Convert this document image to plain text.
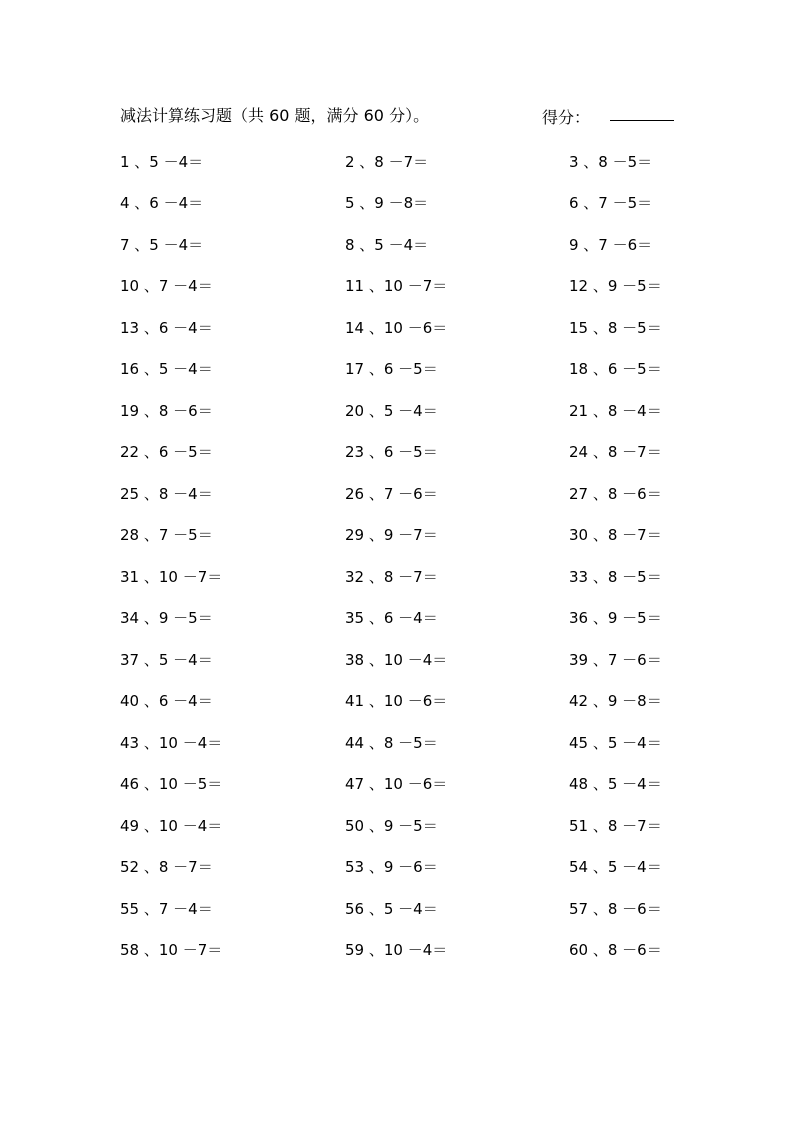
减法计算练习题（共 60 题，满分 60 分）。	得分：
1 、5 －4＝	2 、8 －7＝	3 、8 －5＝
4 、6 －4＝	5 、9 －8＝	6 、7 －5＝
7 、5 －4＝	8 、5 －4＝	9 、7 －6＝
10 、7 －4＝	11 、10 －7＝	12 、9 －5＝
13 、6 －4＝	14 、10 －6＝	15 、8 －5＝
16 、5 －4＝	17 、6 －5＝	18 、6 －5＝
19 、8 －6＝	20 、5 －4＝	21 、8 －4＝
22 、6 －5＝	23 、6 －5＝	24 、8 －7＝
25 、8 －4＝	26 、7 －6＝	27 、8 －6＝
28 、7 －5＝	29 、9 －7＝	30 、8 －7＝
31 、10 －7＝	32 、8 －7＝	33 、8 －5＝
34 、9 －5＝	35 、6 －4＝	36 、9 －5＝
37 、5 －4＝	38 、10 －4＝	39 、7 －6＝
40 、6 －4＝	41 、10 －6＝	42 、9 －8＝
43 、10 －4＝	44 、8 －5＝	45 、5 －4＝
46 、10 －5＝	47 、10 －6＝	48 、5 －4＝
49 、10 －4＝	50 、9 －5＝	51 、8 －7＝
52 、8 －7＝	53 、9 －6＝	54 、5 －4＝
55 、7 －4＝	56 、5 －4＝	57 、8 －6＝
58 、10 －7＝	59 、10 －4＝	60 、8 －6＝
